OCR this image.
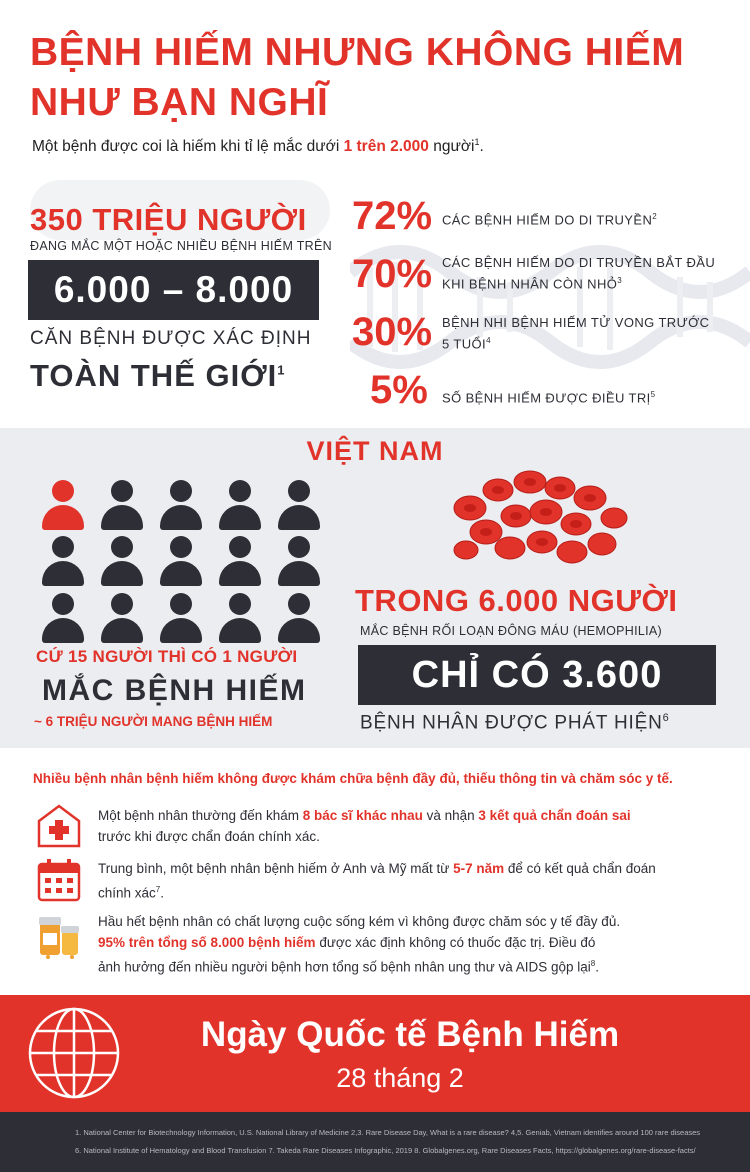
BỆNH HIẾM NHƯNG KHÔNG HIẾM
NHƯ BẠN NGHĨ
Một bệnh được coi là hiếm khi tỉ lệ mắc dưới 1 trên 2.000 người$^1$.
350 TRIỆU NGƯỜI
ĐANG MẮC MỘT HOẶC NHIỀU BỆNH HIẾM TRÊN
6.000 – 8.000
CĂN BỆNH ĐƯỢC XÁC ĐỊNH
TOÀN THẾ GIỚI$^1$
72% CÁC BỆNH HIẾM DO DI TRUYỀN$^2$
70% CÁC BỆNH HIẾM DO DI TRUYỀN BẮT ĐẦU
KHI BỆNH NHÂN CÒN NHỎ$^3$
30% BỆNH NHI BỆNH HIẾM TỬ VONG TRƯỚC
5 TUỔI$^4$
5% SỐ BỆNH HIẾM ĐƯỢC ĐIỀU TRỊ$^5$
VIỆT NAM
CỨ 15 NGƯỜI THÌ CÓ 1 NGƯỜI
MẮC BỆNH HIẾM
~ 6 TRIỆU NGƯỜI MANG BỆNH HIẾM
TRONG 6.000 NGƯỜI
MẮC BỆNH RỐI LOẠN ĐÔNG MÁU (HEMOPHILIA)
CHỈ CÓ 3.600
BỆNH NHÂN ĐƯỢC PHÁT HIỆN$^6$
Nhiều bệnh nhân bệnh hiếm không được khám chữa bệnh đầy đủ, thiếu thông tin và chăm sóc y tế.
Một bệnh nhân thường đến khám 8 bác sĩ khác nhau và nhận 3 kết quả chẩn đoán sai
trước khi được chẩn đoán chính xác.
Trung bình, một bệnh nhân bệnh hiếm ở Anh và Mỹ mất từ 5-7 năm để có kết quả chẩn đoán
chính xác$^7$.
Hầu hết bệnh nhân có chất lượng cuộc sống kém vì không được chăm sóc y tế đầy đủ.
95% trên tổng số 8.000 bệnh hiếm được xác định không có thuốc đặc trị. Điều đó
ảnh hưởng đến nhiều người bệnh hơn tổng số bệnh nhân ung thư và AIDS gộp lại$^8$.
Ngày Quốc tế Bệnh Hiếm
28 tháng 2
1. National Center for Biotechnology Information, U.S. National Library of Medicine 2,3. Rare Disease Day, What is a rare disease? 4,5. Geniab, Vietnam identifies around 100 rare diseases
6. National Institute of Hematology and Blood Transfusion 7. Takeda Rare Diseases Infographic, 2019 8. Globalgenes.org, Rare Diseases Facts, https://globalgenes.org/rare-disease-facts/
